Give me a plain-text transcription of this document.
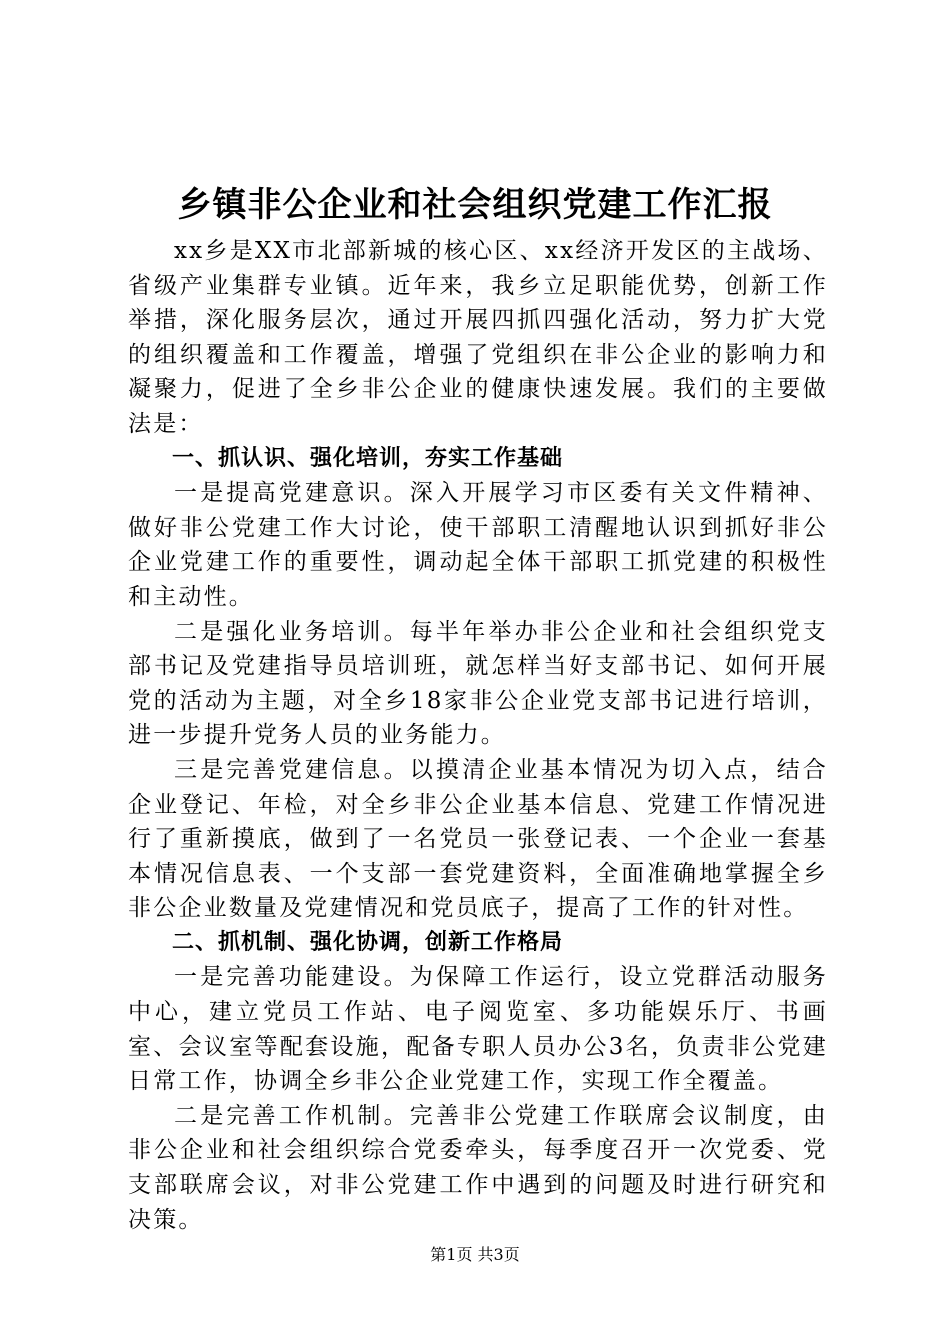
乡镇非公企业和社会组织党建工作汇报

xx乡是XX市北部新城的核心区、xx经济开发区的主战场、省级产业集群专业镇。近年来，我乡立足职能优势，创新工作举措，深化服务层次，通过开展四抓四强化活动，努力扩大党的组织覆盖和工作覆盖，增强了党组织在非公企业的影响力和凝聚力，促进了全乡非公企业的健康快速发展。我们的主要做法是：

一、抓认识、强化培训，夯实工作基础

一是提高党建意识。深入开展学习市区委有关文件精神、做好非公党建工作大讨论，使干部职工清醒地认识到抓好非公企业党建工作的重要性，调动起全体干部职工抓党建的积极性和主动性。

二是强化业务培训。每半年举办非公企业和社会组织党支部书记及党建指导员培训班，就怎样当好支部书记、如何开展党的活动为主题，对全乡18家非公企业党支部书记进行培训，进一步提升党务人员的业务能力。

三是完善党建信息。以摸清企业基本情况为切入点，结合企业登记、年检，对全乡非公企业基本信息、党建工作情况进行了重新摸底，做到了一名党员一张登记表、一个企业一套基本情况信息表、一个支部一套党建资料，全面准确地掌握全乡非公企业数量及党建情况和党员底子，提高了工作的针对性。

二、抓机制、强化协调，创新工作格局

一是完善功能建设。为保障工作运行，设立党群活动服务中心，建立党员工作站、电子阅览室、多功能娱乐厅、书画室、会议室等配套设施，配备专职人员办公3名，负责非公党建日常工作，协调全乡非公企业党建工作，实现工作全覆盖。

二是完善工作机制。完善非公党建工作联席会议制度，由非公企业和社会组织综合党委牵头，每季度召开一次党委、党支部联席会议，对非公党建工作中遇到的问题及时进行研究和决策。

第1页 共3页
